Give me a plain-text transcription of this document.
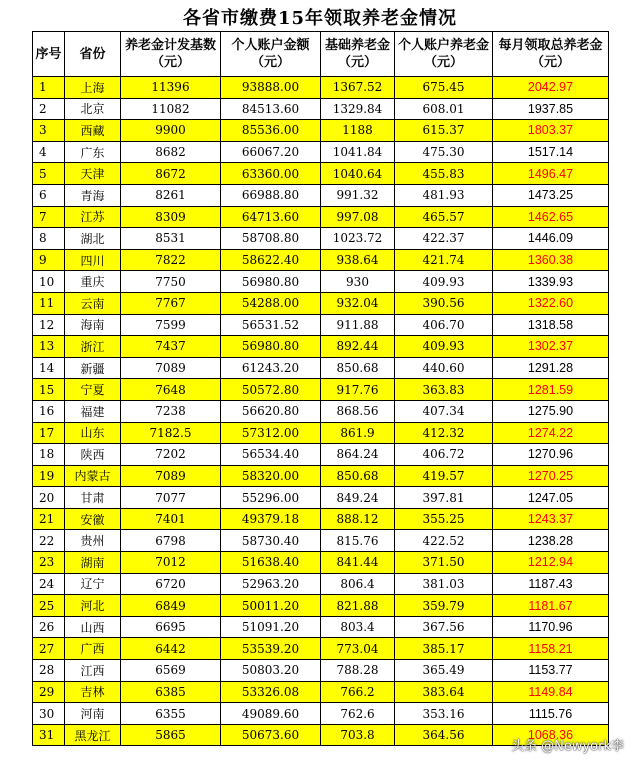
各省市缴费15年领取养老金情况
序号	省份	养老金计发基数（元）	个人账户金额（元）	基础养老金（元）	个人账户养老金（元）	每月领取总养老金（元）
1	上海	11396	93888.00	1367.52	675.45	2042.97
2	北京	11082	84513.60	1329.84	608.01	1937.85
3	西藏	9900	85536.00	1188	615.37	1803.37
4	广东	8682	66067.20	1041.84	475.30	1517.14
5	天津	8672	63360.00	1040.64	455.83	1496.47
6	青海	8261	66988.80	991.32	481.93	1473.25
7	江苏	8309	64713.60	997.08	465.57	1462.65
8	湖北	8531	58708.80	1023.72	422.37	1446.09
9	四川	7822	58622.40	938.64	421.74	1360.38
10	重庆	7750	56980.80	930	409.93	1339.93
11	云南	7767	54288.00	932.04	390.56	1322.60
12	海南	7599	56531.52	911.88	406.70	1318.58
13	浙江	7437	56980.80	892.44	409.93	1302.37
14	新疆	7089	61243.20	850.68	440.60	1291.28
15	宁夏	7648	50572.80	917.76	363.83	1281.59
16	福建	7238	56620.80	868.56	407.34	1275.90
17	山东	7182.5	57312.00	861.9	412.32	1274.22
18	陕西	7202	56534.40	864.24	406.72	1270.96
19	内蒙古	7089	58320.00	850.68	419.57	1270.25
20	甘肃	7077	55296.00	849.24	397.81	1247.05
21	安徽	7401	49379.18	888.12	355.25	1243.37
22	贵州	6798	58730.40	815.76	422.52	1238.28
23	湖南	7012	51638.40	841.44	371.50	1212.94
24	辽宁	6720	52963.20	806.4	381.03	1187.43
25	河北	6849	50011.20	821.88	359.79	1181.67
26	山西	6695	51091.20	803.4	367.56	1170.96
27	广西	6442	53539.20	773.04	385.17	1158.21
28	江西	6569	50803.20	788.28	365.49	1153.77
29	吉林	6385	53326.08	766.2	383.64	1149.84
30	河南	6355	49089.60	762.6	353.16	1115.76
31	黑龙江	5865	50673.60	703.8	364.56	1068.36
头条 @Newyork李
